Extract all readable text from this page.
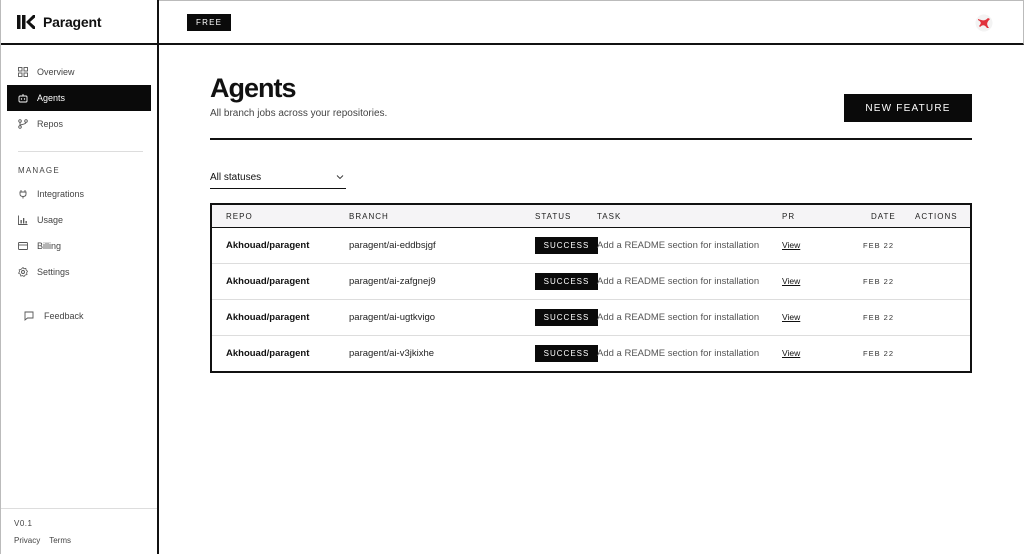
Paragent
Overview
Agents
Repos
MANAGE
Integrations
Usage
Billing
Settings
Feedback
V0.1
Privacy Terms
FREE
Agents

All branch jobs across your repositories.	NEW FEATURE
All statuses
REPO	BRANCH	STATUS	TASK	PR	DATE ACTIONS
Akhouad/paragent	paragent/ai-eddbsjgf	SUCCESS Add a README section for installation	View	FEB 22
Akhouad/paragent	paragent/ai-zafgnej9	SUCCESS Add a README section for installation	View	FEB 22
Akhouad/paragent	paragent/ai-ugtkvigo	SUCCESS Add a README section for installation	View	FEB 22
Akhouad/paragent	paragent/ai-v3jkixhe	SUCCESS Add a README section for installation	View	FEB 22
